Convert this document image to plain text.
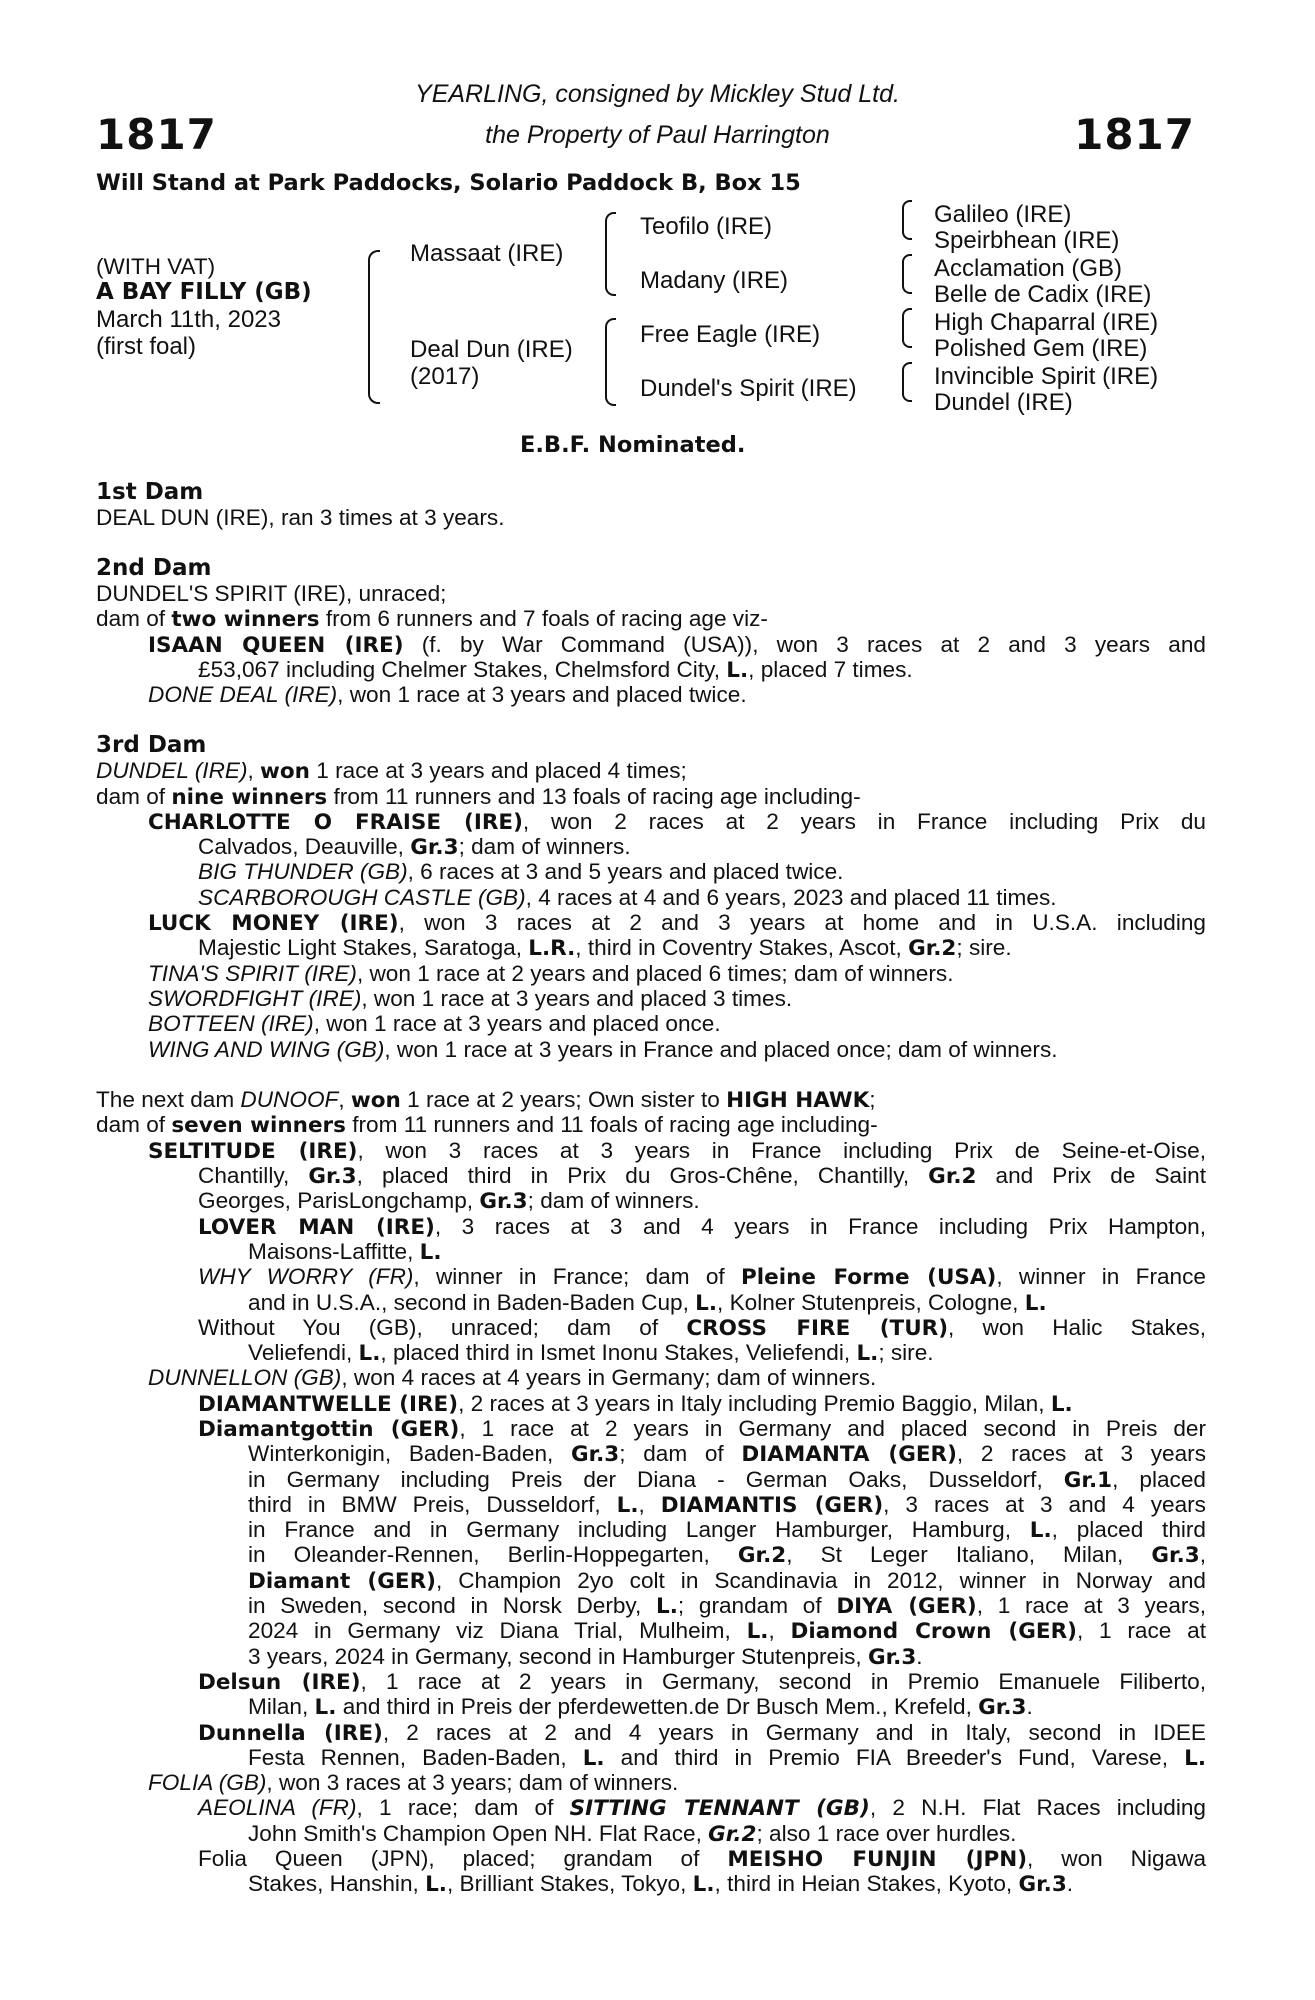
1817	1817
YEARLING, consigned by Mickley Stud Ltd.
the Property of Paul Harrington
Will Stand at Park Paddocks, Solario Paddock B, Box 15
(WITH VAT)
A BAY FILLY (GB)
March 11th, 2023
(first foal)
Massaat (IRE)
Deal Dun (IRE)
(2017)
Teofilo (IRE)
Madany (IRE)
Free Eagle (IRE)
Dundel's Spirit (IRE)
Galileo (IRE)
Speirbhean (IRE)
Acclamation (GB)
Belle de Cadix (IRE)
High Chaparral (IRE)
Polished Gem (IRE)
Invincible Spirit (IRE)
Dundel (IRE)
E.B.F. Nominated.
1st Dam
DEAL DUN (IRE), ran 3 times at 3 years.
2nd Dam
DUNDEL'S SPIRIT (IRE), unraced;
dam of two winners from 6 runners and 7 foals of racing age viz-
ISAAN QUEEN (IRE) (f. by War Command (USA)), won 3 races at 2 and 3 years and
£53,067 including Chelmer Stakes, Chelmsford City, L., placed 7 times.
DONE DEAL (IRE), won 1 race at 3 years and placed twice.
3rd Dam
DUNDEL (IRE), won 1 race at 3 years and placed 4 times;
dam of nine winners from 11 runners and 13 foals of racing age including-
CHARLOTTE O FRAISE (IRE), won 2 races at 2 years in France including Prix du
Calvados, Deauville, Gr.3; dam of winners.
BIG THUNDER (GB), 6 races at 3 and 5 years and placed twice.
SCARBOROUGH CASTLE (GB), 4 races at 4 and 6 years, 2023 and placed 11 times.
LUCK MONEY (IRE), won 3 races at 2 and 3 years at home and in U.S.A. including
Majestic Light Stakes, Saratoga, L.R., third in Coventry Stakes, Ascot, Gr.2; sire.
TINA'S SPIRIT (IRE), won 1 race at 2 years and placed 6 times; dam of winners.
SWORDFIGHT (IRE), won 1 race at 3 years and placed 3 times.
BOTTEEN (IRE), won 1 race at 3 years and placed once.
WING AND WING (GB), won 1 race at 3 years in France and placed once; dam of winners.
The next dam DUNOOF, won 1 race at 2 years; Own sister to HIGH HAWK;
dam of seven winners from 11 runners and 11 foals of racing age including-
SELTITUDE (IRE), won 3 races at 3 years in France including Prix de Seine-et-Oise,
Chantilly, Gr.3, placed third in Prix du Gros-Chêne, Chantilly, Gr.2 and Prix de Saint
Georges, ParisLongchamp, Gr.3; dam of winners.
LOVER MAN (IRE), 3 races at 3 and 4 years in France including Prix Hampton,
Maisons-Laffitte, L.
WHY WORRY (FR), winner in France; dam of Pleine Forme (USA), winner in France
and in U.S.A., second in Baden-Baden Cup, L., Kolner Stutenpreis, Cologne, L.
Without You (GB), unraced; dam of CROSS FIRE (TUR), won Halic Stakes,
Veliefendi, L., placed third in Ismet Inonu Stakes, Veliefendi, L.; sire.
DUNNELLON (GB), won 4 races at 4 years in Germany; dam of winners.
DIAMANTWELLE (IRE), 2 races at 3 years in Italy including Premio Baggio, Milan, L.
Diamantgottin (GER), 1 race at 2 years in Germany and placed second in Preis der
Winterkonigin, Baden-Baden, Gr.3; dam of DIAMANTA (GER), 2 races at 3 years
in Germany including Preis der Diana - German Oaks, Dusseldorf, Gr.1, placed
third in BMW Preis, Dusseldorf, L., DIAMANTIS (GER), 3 races at 3 and 4 years
in France and in Germany including Langer Hamburger, Hamburg, L., placed third
in Oleander-Rennen, Berlin-Hoppegarten, Gr.2, St Leger Italiano, Milan, Gr.3,
Diamant (GER), Champion 2yo colt in Scandinavia in 2012, winner in Norway and
in Sweden, second in Norsk Derby, L.; grandam of DIYA (GER), 1 race at 3 years,
2024 in Germany viz Diana Trial, Mulheim, L., Diamond Crown (GER), 1 race at
3 years, 2024 in Germany, second in Hamburger Stutenpreis, Gr.3.
Delsun (IRE), 1 race at 2 years in Germany, second in Premio Emanuele Filiberto,
Milan, L. and third in Preis der pferdewetten.de Dr Busch Mem., Krefeld, Gr.3.
Dunnella (IRE), 2 races at 2 and 4 years in Germany and in Italy, second in IDEE
Festa Rennen, Baden-Baden, L. and third in Premio FIA Breeder's Fund, Varese, L.
FOLIA (GB), won 3 races at 3 years; dam of winners.
AEOLINA (FR), 1 race; dam of SITTING TENNANT (GB), 2 N.H. Flat Races including
John Smith's Champion Open NH. Flat Race, Gr.2; also 1 race over hurdles.
Folia Queen (JPN), placed; grandam of MEISHO FUNJIN (JPN), won Nigawa
Stakes, Hanshin, L., Brilliant Stakes, Tokyo, L., third in Heian Stakes, Kyoto, Gr.3.
